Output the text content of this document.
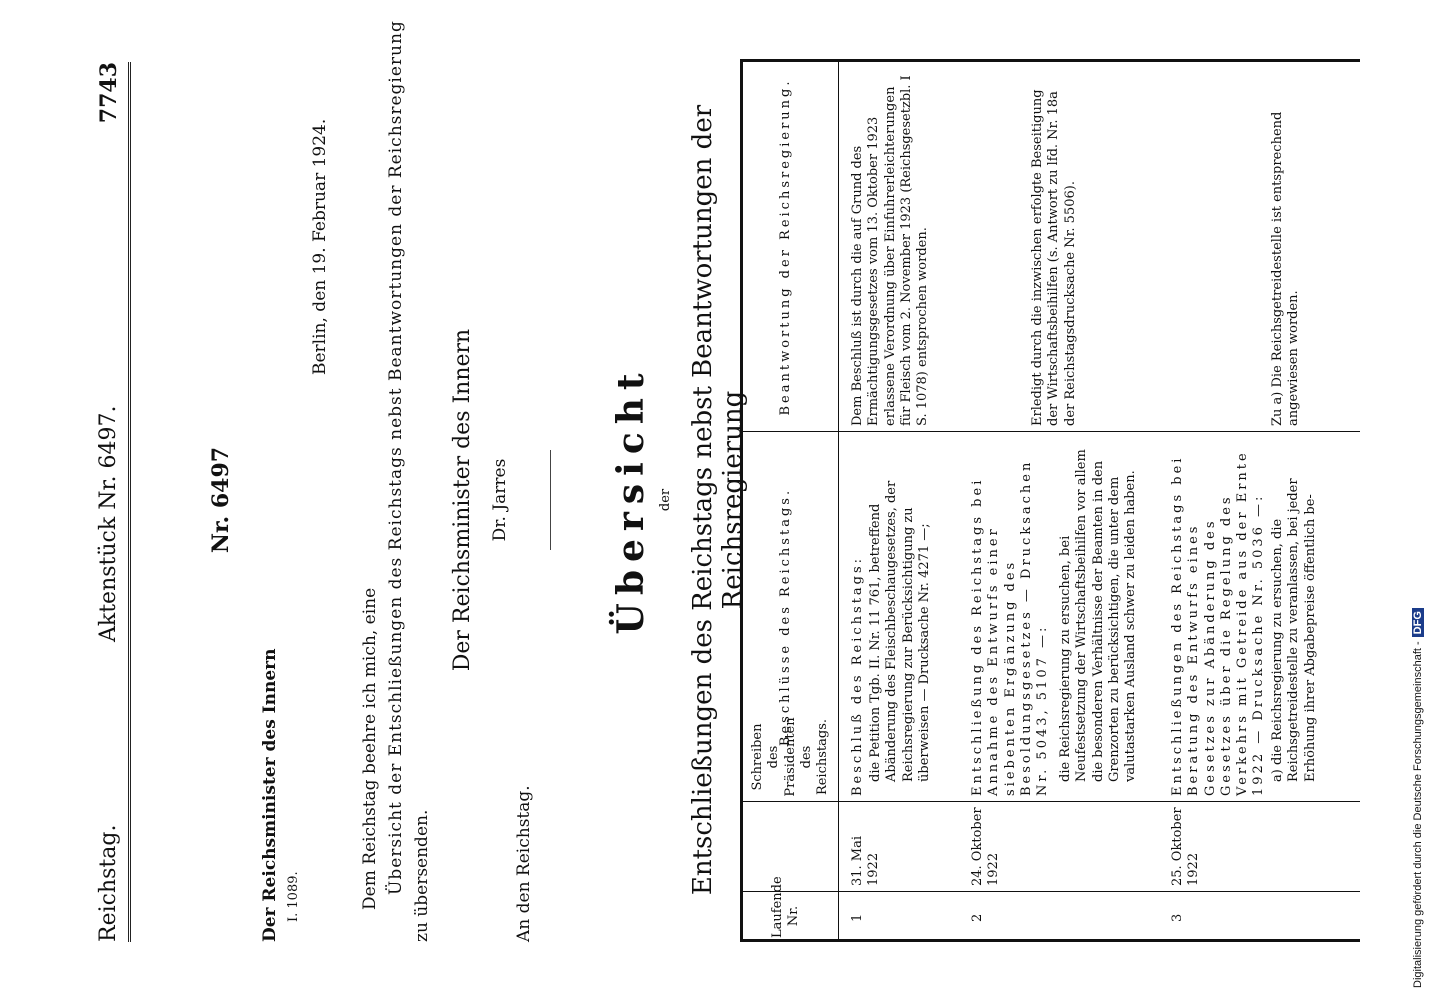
Reichstag.
Aktenstück Nr. 6497.
7743
Nr. 6497
Der Reichsminister des Innern I. 1089.
Berlin, den 19. Februar 1924.
Dem Reichstag beehre ich mich, eine Übersicht der Entschließungen des Reichstags nebst Beantwortungen der Reichsregierung zu übersenden.
Der Reichsminister des Innern Dr. Jarres
An den Reichstag.
Übersicht der Entschließungen des Reichstags nebst Beantwortungen der Reichsregierung
Laufende Nr.
Schreiben des Präsidenten des Reichstags.
Beschlüsse des Reichstags.
Beantwortung der Reichsregierung.
1
31. Mai 1922
Beschluß des Reichstags: die Petition Tgb. II. Nr. 11 761, betreffend Abänderung des Fleischbeschaugesetzes, der Reichsregierung zur Berücksichtigung zu überweisen — Drucksache Nr. 4271 —;
Dem Beschluß ist durch die auf Grund des Ermächtigungsgesetzes vom 13. Oktober 1923 erlassene Verordnung über Einfuhrerleichterungen für Fleisch vom 2. November 1923 (Reichsgesetzbl. I S. 1078) entsprochen worden.
2
24. Oktober 1922
Entschließung des Reichstags bei Annahme des Entwurfs einer siebenten Ergänzung des Besoldungsgesetzes — Drucksachen Nr. 5043, 5107 —: die Reichsregierung zu ersuchen, bei Neufestsetzung der Wirtschaftsbeihilfen vor allem die besonderen Verhältnisse der Beamten in den Grenzorten zu berücksichtigen, die unter dem valutastarken Ausland schwer zu leiden haben.
Erledigt durch die inzwischen erfolgte Beseitigung der Wirtschaftsbeihilfen (s. Antwort zu lfd. Nr. 18a der Reichstagsdrucksache Nr. 5506).
3
25. Oktober 1922
Entschließungen des Reichstags bei Beratung des Entwurfs eines Gesetzes zur Abänderung des Gesetzes über die Regelung des Verkehrs mit Getreide aus der Ernte 1922 — Drucksache Nr. 5036 —: a) die Reichsregierung zu ersuchen, die Reichsgetreidestelle zu veranlassen, bei jeder Erhöhung ihrer Abgabepreise öffentlich be-
Zu a) Die Reichsgetreidestelle ist entsprechend angewiesen worden.
Digitalisierung gefördert durch die Deutsche Forschungsgemeinschaft -DFG
